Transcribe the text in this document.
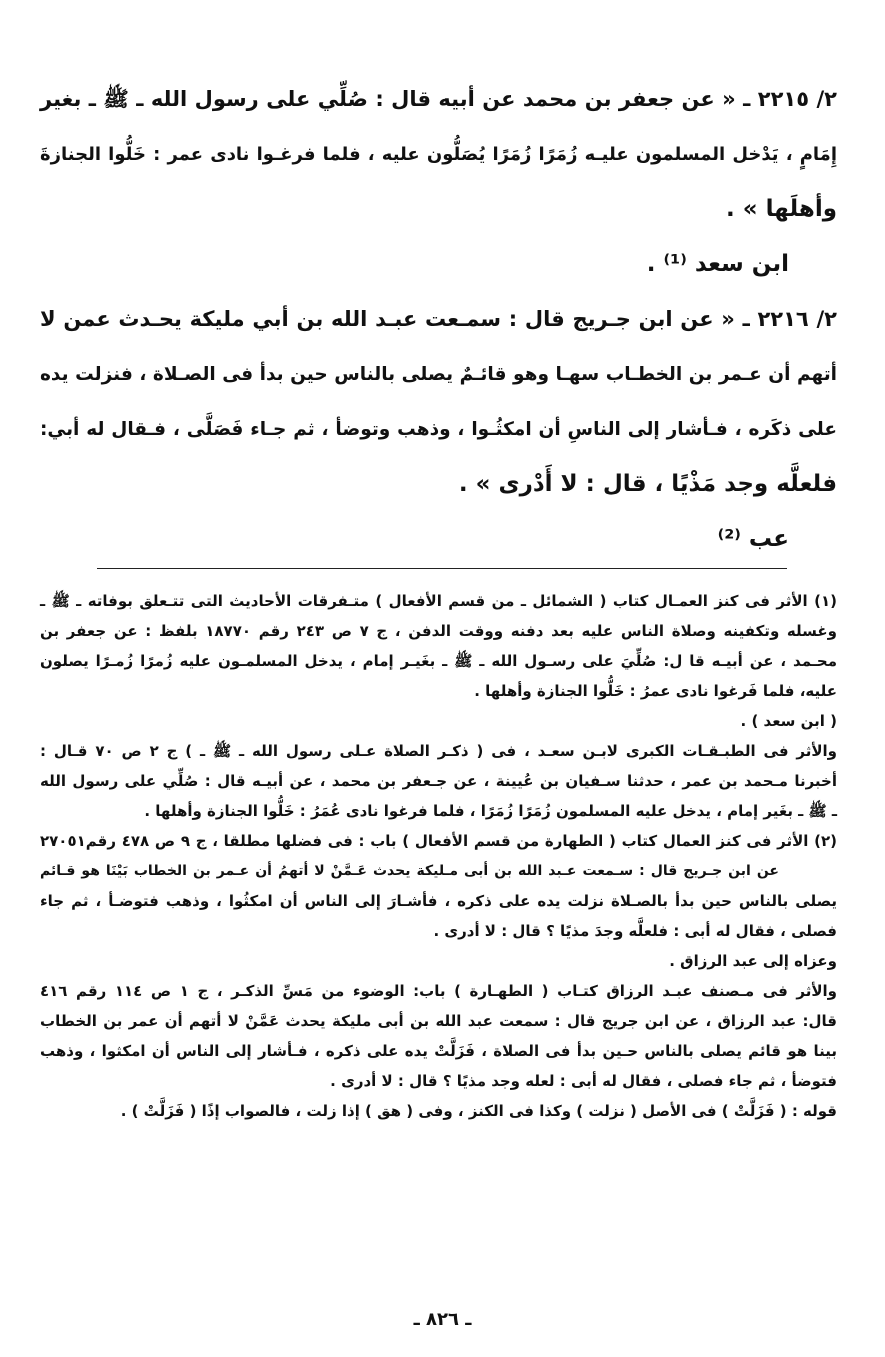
٢/ ٢٢١٥ ـ « عن جعفر بن محمد عن أبيه قال : صُلِّي على رسول الله ـ ﷺ ـ بغير
إِمَامٍ ، يَدْخل المسلمون عليـه زُمَرًا زُمَرًا يُصَلُّون عليه ، فلما فرغـوا نادى عمر : خَلُّوا الجنازةَ
وأهلَها » .
ابن سعد ⁽¹⁾ .
٢/ ٢٢١٦ ـ « عن ابن جـريج قال : سمـعت عبـد الله بن أبي مليكة يحـدث عمن لا
أتهم أن عـمر بن الخطـاب سهـا وهو قائـمٌ يصلى بالناس حين بدأ فى الصـلاة ، فنزلت يده
على ذكَره ، فـأشار إلى الناسِ أن امكثُـوا ، وذهب وتوضأ ، ثم جـاء فَصَلَّى ، فـقال له أبي:
فلعلَّه وجد مَذْيًا ، قال : لا أَدْرى » .
عب ⁽²⁾
(١) الأثر فى كنز العمـال كتاب ( الشمائل ـ من قسم الأفعال ) متـفرقات الأحاديث التى تتـعلق بوفاته ـ ﷺ ـ
وغسله وتكفينه وصلاة الناس عليه بعد دفنه ووقت الدفن ، ج ٧ ص ٢٤٣ رقم ١٨٧٧٠ بلفظ : عن جعفر بن
محـمد ، عن أبيـه قا ل: صُلِّيَ على رسـول الله ـ ﷺ ـ بغَيـر إمام ، يدخل المسلمـون عليه زُمرًا زُمـرًا يصلون
عليه، فلما فَرغوا نادى عمرُ : خَلُّوا الجنازة وأهلها .
( ابن سعد ) .
والأثر فى الطبـقـات الكبرى لابـن سعـد ، فى ( ذكـر الصلاة عـلى رسول الله ـ ﷺ ـ ) ج ٢ ص ٧٠ قـال :
أخبرنا مـحمد بن عمر ، حدثنا سـفيان بن عُيينة ، عن جـعفر بن محمد ، عن أبيـه قال : صُلِّي على رسول الله
ـ ﷺ ـ بغَير إمام ، يدخل عليه المسلمون زُمَرًا زُمَرًا ، فلما فرغوا نادى عُمَرُ : خَلُّوا الجنازة وأهلها .
(٢) الأثر فى كنز العمال كتاب ( الطهارة من قسم الأفعال ) باب : فى فضلها مطلقا ، ج ٩ ص ٤٧٨ رقم٢٧٠٥١
عن ابن جـريج قال : سـمعت عـبد الله بن أبى مـليكة يحدث عَـمَّنْ لا أتهمُ أن عـمر بن الخطاب بَيْنَا هو قـائم
يصلى بالناس حين بدأ بالصـلاة نزلت يده على ذكره ، فأشـارَ إلى الناس أن امكثُوا ، وذهب فتوضـأ ، ثم جاء
فصلى ، فقال له أبى : فلعلَّه وجدَ مذيًا ؟ قال : لا أدرى .
وعزاه إلى عبد الرزاق .
والأثر فى مـصنف عبـد الرزاق كتـاب ( الطهـارة ) باب: الوضوء من مَسِّ الذكـر ، ج ١ ص ١١٤ رقم ٤١٦
قال: عبد الرزاق ، عن ابن جريج قال : سمعت عبد الله بن أبى مليكة يحدث عَمَّنْ لا أتهم أن عمر بن الخطاب
بينا هو قائم يصلى بالناس حـين بدأ فى الصلاة ، فَزَلَّتْ يده على ذكره ، فـأشار إلى الناس أن امكثوا ، وذهب
فتوضأ ، ثم جاء فصلى ، فقال له أبى : لعله وجد مذيًا ؟ قال : لا أدرى .
قوله : ( فَزَلَّتْ ) فى الأصل ( نزلت ) وكذا فى الكنز ، وفى ( هق ) إذا زلت ، فالصواب إذًا ( فَزَلَّتْ ) .
ـ ٨٢٦ ـ
